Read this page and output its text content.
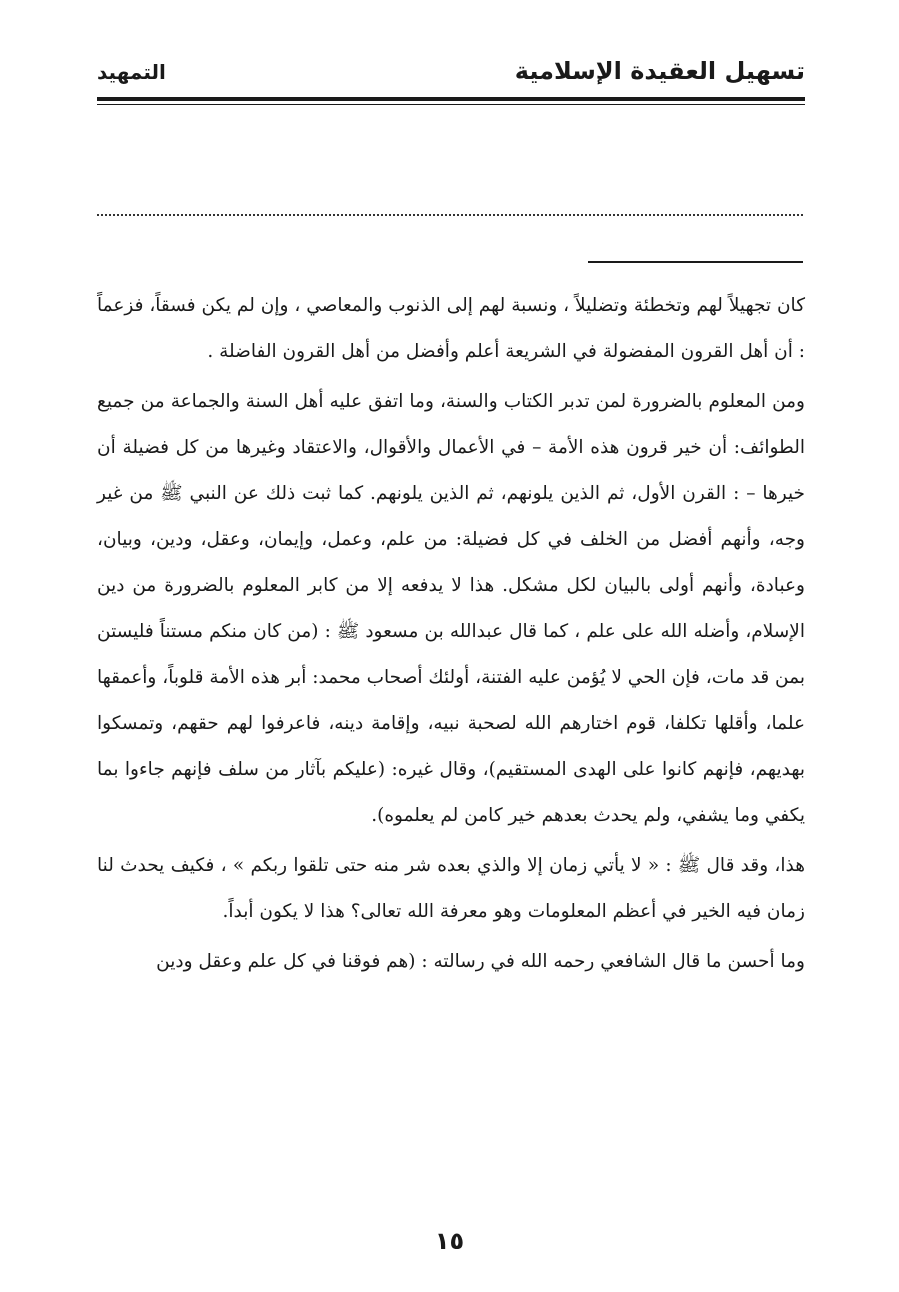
تسهيل العقيدة الإسلامية
التمهيد

كان تجهيلاً لهم وتخطئة وتضليلاً ، ونسبة لهم إلى الذنوب والمعاصي ، وإن لم يكن فسقاً، فزعماً : أن أهل القرون المفضولة في الشريعة أعلم وأفضل من أهل القرون الفاضلة .

ومن المعلوم بالضرورة لمن تدبر الكتاب والسنة، وما اتفق عليه أهل السنة والجماعة من جميع الطوائف: أن خير قرون هذه الأمة – في الأعمال والأقوال، والاعتقاد وغيرها من كل فضيلة أن خيرها – : القرن الأول، ثم الذين يلونهم، ثم الذين يلونهم. كما ثبت ذلك عن النبي ﷺ من غير وجه، وأنهم أفضل من الخلف في كل فضيلة: من علم، وعمل، وإيمان، وعقل، ودين، وبيان، وعبادة، وأنهم أولى بالبيان لكل مشكل. هذا لا يدفعه إلا من كابر المعلوم بالضرورة من دين الإسلام، وأضله الله على علم ، كما قال عبدالله بن مسعود ﷺ : (من كان منكم مستناً فليستن بمن قد مات، فإن الحي لا يُؤمن عليه الفتنة، أولئك أصحاب محمد: أبر هذه الأمة قلوباً، وأعمقها علما، وأقلها تكلفا، قوم اختارهم الله لصحبة نبيه، وإقامة دينه، فاعرفوا لهم حقهم، وتمسكوا بهديهم، فإنهم كانوا على الهدى المستقيم)، وقال غيره: (عليكم بآثار من سلف فإنهم جاءوا بما يكفي وما يشفي، ولم يحدث بعدهم خير كامن لم يعلموه).

هذا، وقد قال ﷺ : « لا يأتي زمان إلا والذي بعده شر منه حتى تلقوا ربكم » ، فكيف يحدث لنا زمان فيه الخير في أعظم المعلومات وهو معرفة الله تعالى؟ هذا لا يكون أبداً.

وما أحسن ما قال الشافعي رحمه الله في رسالته : (هم فوقنا في كل علم وعقل ودين

١٥
